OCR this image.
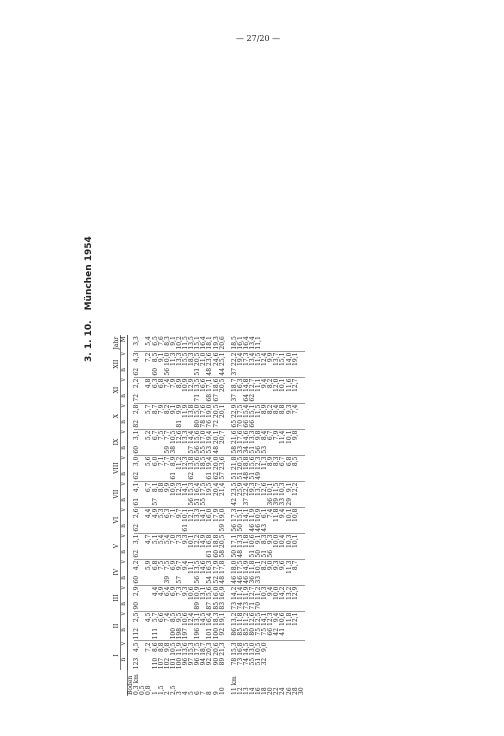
— 27/20 —
3. 1. 10.München 1954
	I		II		III		IV		V		VI		VII		VIII		IX		X		XI		XII		Jahr
	n	v	n	v	n	v	n	v	n	v	n	v	n	v	n	v	n	v	n	v	n	v	n	v	M
Boden																									
0,3 km	123	4,5	112	2,5	90	2,9	60	4,2	62	3,1	62	2,6	61	4,1	62	3,0	60	3,1	82	2,8	72	2,2	62	4,3	3,3
0,5																									
0,8		7,2		4,5				5,9		4,7		4,4		6,7		5,6		5,2		5,7		4,8		7,2	5,4
1	110	8,6	111	5,7		4,4		6,8		5,1		4,9	57	8,1		6,0		6,7		8,7		6,3	60	8,5	6,5
1,5	107	8,8		6,6		4,9		7,5		5,4		5,3		8,8		7,1		7,5		7,9		6,8		9,1	7,6
2	102	9,8		7,4		6,4	39	7,5		5,4		6,3		9,9		7,7	59	7,7		8,2		7,4	56	10,0	8,3
2,5	101	10,5	100	8,5		6,9		6,9		7,0		7,1		10,9	61	8,9	38	10,5		9,1		7,9		11,3	9,1
3	100	11,9	198	9,5		7,3	57	9,7		7,3		9,7		12,3		11,2		12,6	81	9,9		8,9		13,3	10,2
4	96	13,6	197	10,6		9,3		9,4		9,3	61	10,1		14,1		12,3		13,3		11,9		10,9		15,5	11,5
5	97	15,3		12,4		10,6		11,1		10,1		12,1	56	15,3	62	13,8	57	14,4		13,8		12,9		18,3	13,5
6	96	17,5	196	13,1	89	10,9	56	13,5		12,2		13,3	51	16,4		15,6	56	15,6	80	15,0	71	13,5	51	20,5	15,1
7	94	18,7		14,5		13,1		14,6		14,9		14,1	55	17,5		18,5	55	17,0	78	17,6		16,6		21,0	16,4
8	92	20,3	101	16,4	87	15,6	54	16,3	61	16,8		16,0		19,5	61	19,4	53	19,4	76	19,0	68	17,1	48	23,6	18,1
9	90	20,6	100	18,3	85	16,0	52	17,9	60	18,8		17,9		20,4	62	20,0	48	20,1	72	20,5	67	18,6		24,6	19,3
10	89	21,3	92	19,1	83	16,9	48	17,8	58	20,5	59	19,0		21,4	57	23,6		20,7		20,1		20,5	44	25,1	20,6

11 km	78	15,3	86	13,2	73	14,2	46	18,0	50	17,1	56	17,3	42	23,5	51	21,8	58	21,6	65	22,9	37	18,7	37	22,2	18,5
12	73	16,8	85	11,8	74	11,4	46	17,5	48	13,3	50	15,1		25,9	51	20,5	33	17,6	70	17,5		16,3		19,4	16,1
13	74	14,5	85	11,2	73	11,9	46	14,9		11,8		14,1	37	22,4	48	18,8	34	14,6	66	15,4	64	14,8		17,3	16,4
14	55	13,0	80	12,6	71	12,7	36	11,8	51	10,6	46	11,9		19,3	51	15,6	51	13,3	66	15,1	62	12,7		13,4	13,4
16	51	10,5	75	12,5	70	11,2	33	10,1	50	9,1	46	10,9		13,7	49	12,3	56	9,8		11,5		11,1		11,5	11,1
18	32	9,0	75	14,1		10,3		8,2	51	8,3	43	6,1		12,6		11,3	53	8,4		8,9		9,4		12,4	
20			66	12,3		9,4		9,0	56	9,3		7,4	36	10,1		8,9		6,7		8,2		8,2		9,9	
22			42	9,4		10,0		9,3		10,0		11,8	39	11,5		8,3		7,9		8,4		12,0		13,7	
24			41	10,6		14,2		9,6		10,4		9,4	33	10,3		6,7		11,4		8,8		10,1		15,1	
26				11,8		13,2		11,3		10,3		10,1	29	9,1		6,8		10,1		9,3		11,6		14,0	
28				12,1		12,9		8,7		10,1		10,8		12,2		8,5		9,8		7,4		12,7		19,1	
30																									
